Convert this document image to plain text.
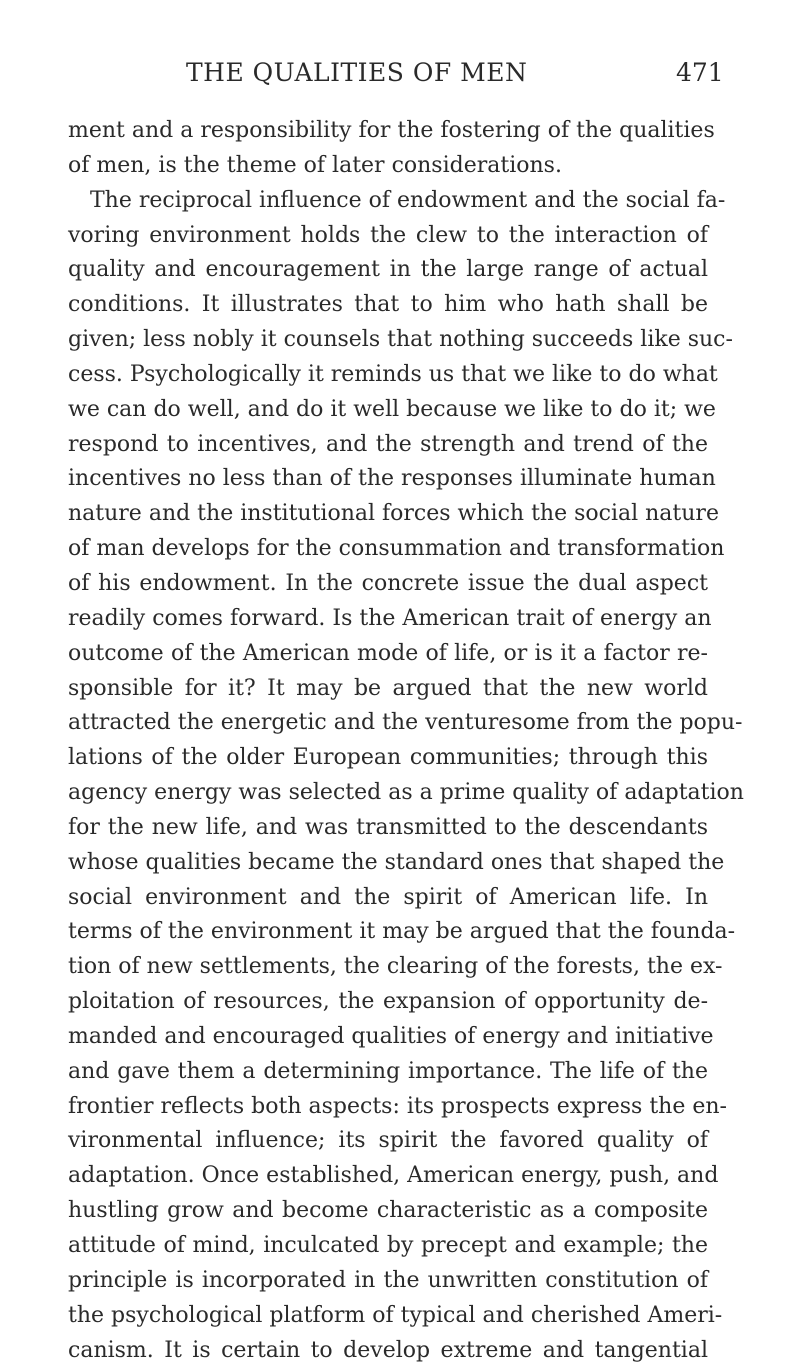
THE QUALITIES OF MEN	471
ment and a responsibility for the fostering of the qualities
of men, is the theme of later considerations.
The reciprocal influence of endowment and the social fa-
voring environment holds the clew to the interaction of
quality and encouragement in the large range of actual
conditions. It illustrates that to him who hath shall be
given; less nobly it counsels that nothing succeeds like suc-
cess. Psychologically it reminds us that we like to do what
we can do well, and do it well because we like to do it; we
respond to incentives, and the strength and trend of the
incentives no less than of the responses illuminate human
nature and the institutional forces which the social nature
of man develops for the consummation and transformation
of his endowment. In the concrete issue the dual aspect
readily comes forward. Is the American trait of energy an
outcome of the American mode of life, or is it a factor re-
sponsible for it? It may be argued that the new world
attracted the energetic and the venturesome from the popu-
lations of the older European communities; through this
agency energy was selected as a prime quality of adaptation
for the new life, and was transmitted to the descendants
whose qualities became the standard ones that shaped the
social environment and the spirit of American life. In
terms of the environment it may be argued that the founda-
tion of new settlements, the clearing of the forests, the ex-
ploitation of resources, the expansion of opportunity de-
manded and encouraged qualities of energy and initiative
and gave them a determining importance. The life of the
frontier reflects both aspects: its prospects express the en-
vironmental influence; its spirit the favored quality of
adaptation. Once established, American energy, push, and
hustling grow and become characteristic as a composite
attitude of mind, inculcated by precept and example; the
principle is incorporated in the unwritten constitution of
the psychological platform of typical and cherished Ameri-
canism. It is certain to develop extreme and tangential
